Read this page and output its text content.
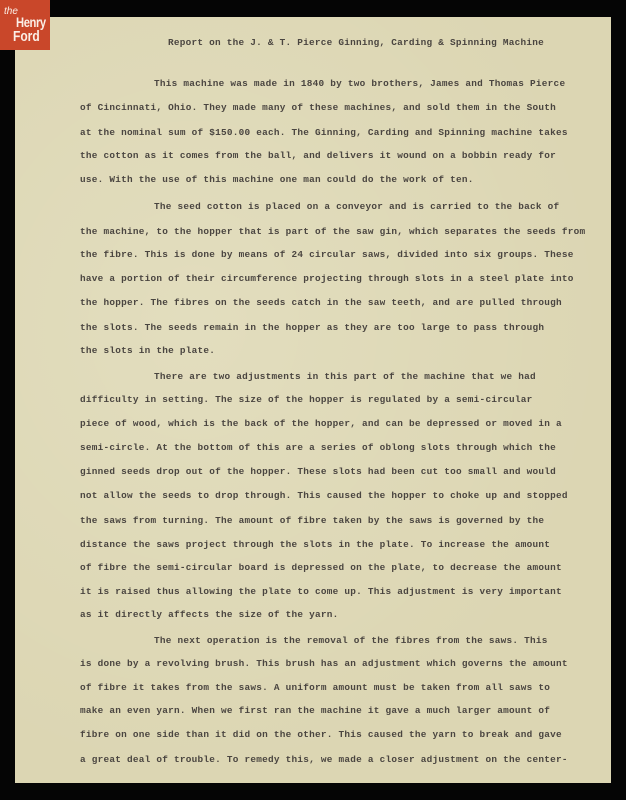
the
Henry
Ford	Report on the J. & T. Pierce Ginning, Carding & Spinning Machine
This machine was made in 1840 by two brothers, James and Thomas Pierce
of Cincinnati, Ohio. They made many of these machines, and sold them in the South
at the nominal sum of $150.00 each. The Ginning, Carding and Spinning machine takes
the cotton as it comes from the ball, and delivers it wound on a bobbin ready for
use. With the use of this machine one man could do the work of ten.
The seed cotton is placed on a conveyor and is carried to the back of
the machine, to the hopper that is part of the saw gin, which separates the seeds from
the fibre. This is done by means of 24 circular saws, divided into six groups. These
have a portion of their circumference projecting through slots in a steel plate into
the hopper. The fibres on the seeds catch in the saw teeth, and are pulled through
the slots. The seeds remain in the hopper as they are too large to pass through
the slots in the plate.
There are two adjustments in this part of the machine that we had
difficulty in setting. The size of the hopper is regulated by a semi-circular
piece of wood, which is the back of the hopper, and can be depressed or moved in a
semi-circle. At the bottom of this are a series of oblong slots through which the
ginned seeds drop out of the hopper. These slots had been cut too small and would
not allow the seeds to drop through. This caused the hopper to choke up and stopped
the saws from turning. The amount of fibre taken by the saws is governed by the
distance the saws project through the slots in the plate. To increase the amount
of fibre the semi-circular board is depressed on the plate, to decrease the amount
it is raised thus allowing the plate to come up. This adjustment is very important
as it directly affects the size of the yarn.
The next operation is the removal of the fibres from the saws. This
is done by a revolving brush. This brush has an adjustment which governs the amount
of fibre it takes from the saws. A uniform amount must be taken from all saws to
make an even yarn. When we first ran the machine it gave a much larger amount of
fibre on one side than it did on the other. This caused the yarn to break and gave
a great deal of trouble. To remedy this, we made a closer adjustment on the center-
